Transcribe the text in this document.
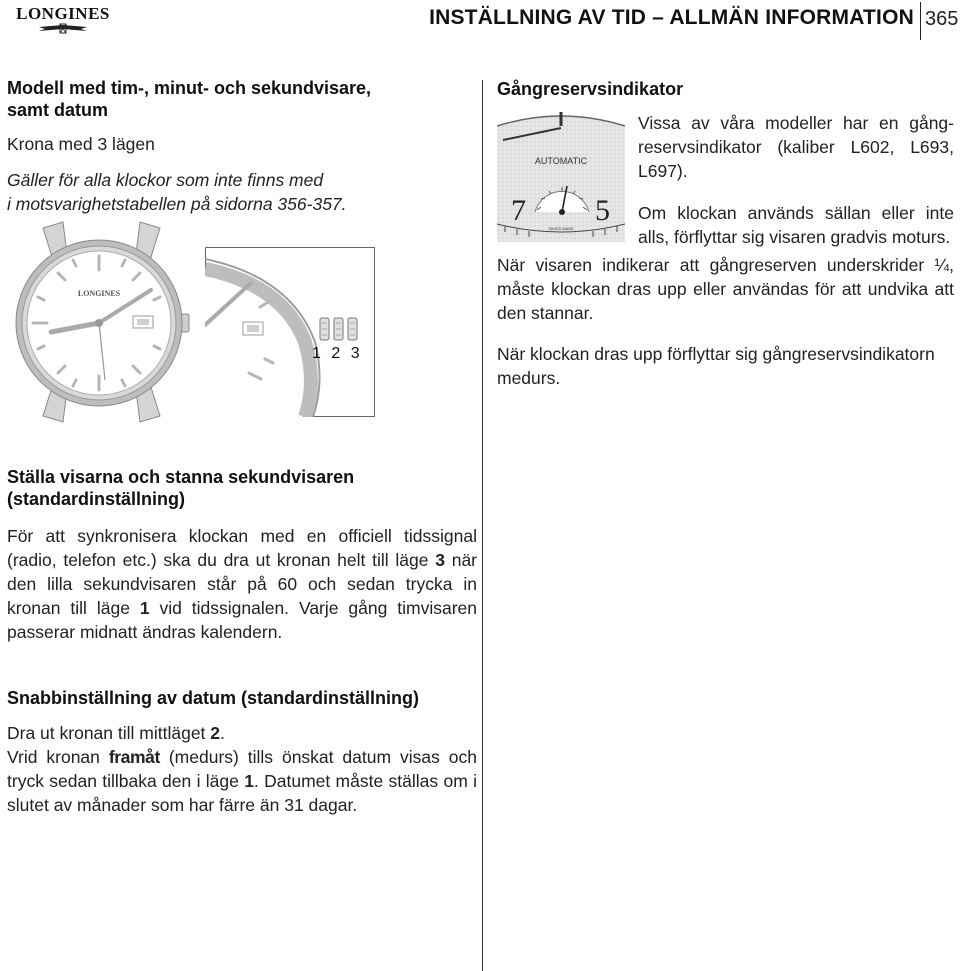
LONGINES	INSTÄLLNING AV TID – ALLMÄN INFORMATION 365
Modell med tim-, minut- och sekundvisare,
samt datum
Krona med 3 lägen
Gäller för alla klockor som inte finns med
i motsvarighetstabellen på sidorna 356-357.
LONGINES
1 2 3
Gångreservsindikator
AUTOMATIC
7 5
SWISS MADE
Vissa av våra modeller har en gångreservsindikator (kaliber L602, L693, L697).
Om klockan används sällan eller inte alls, förflyttar sig visaren gradvis moturs.
När visaren indikerar att gångreserven underskrider ¼, måste klockan dras upp eller användas för att undvika att den stannar.
När klockan dras upp förflyttar sig gångreservsindikatorn medurs.
Ställa visarna och stanna sekundvisaren
(standardinställning)
För att synkronisera klockan med en officiell tidssignal (radio, telefon etc.) ska du dra ut kronan helt till läge 3 när den lilla sekundvisaren står på 60 och sedan trycka in kronan till läge 1 vid tidssignalen. Varje gång timvisaren passerar midnatt ändras kalendern.
Snabbinställning av datum (standardinställning)
Dra ut kronan till mittläget 2.
Vrid kronan framåt (medurs) tills önskat datum visas och tryck sedan tillbaka den i läge 1. Datumet måste ställas om i slutet av månader som har färre än 31 dagar.
